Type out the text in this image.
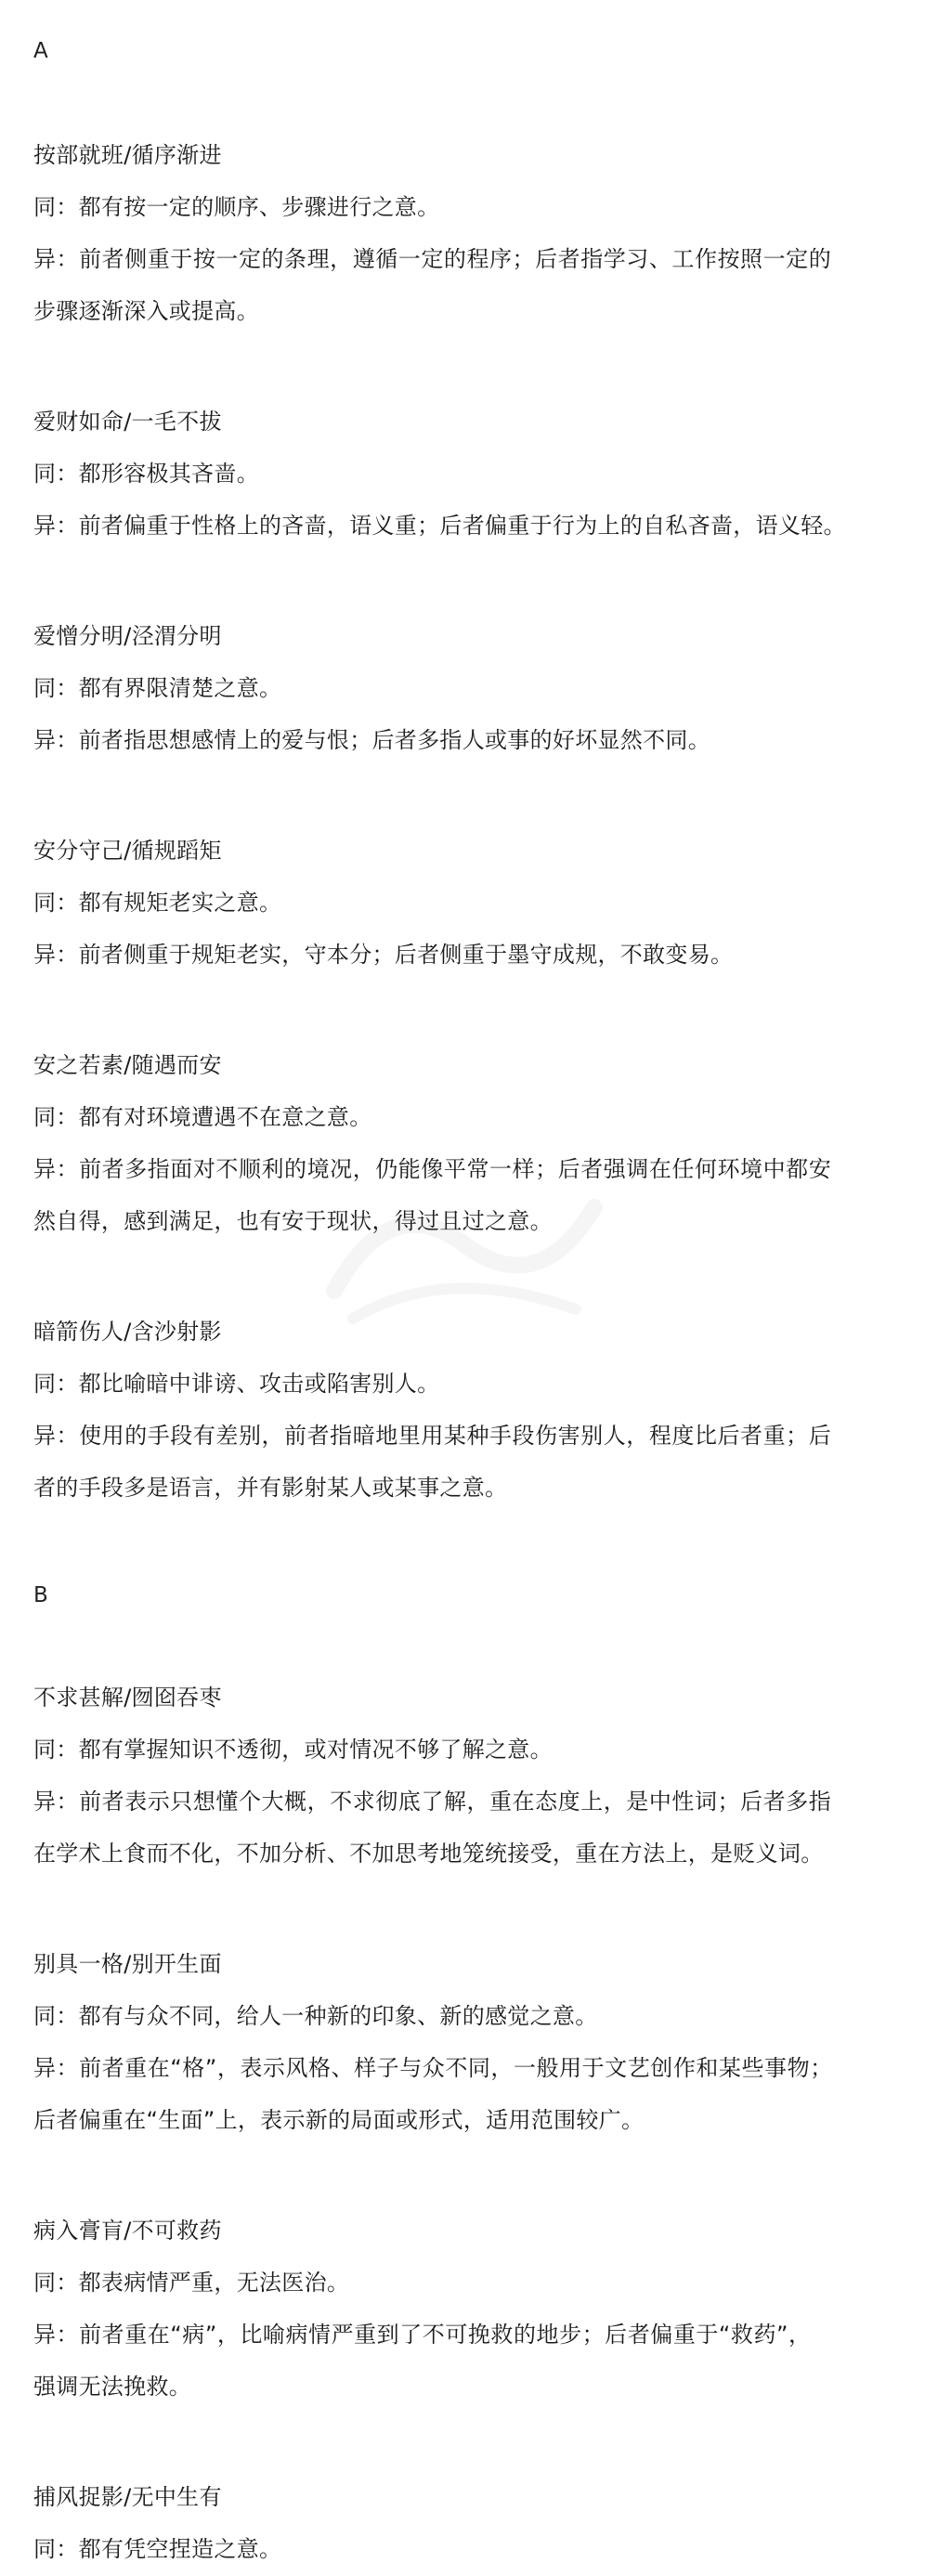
A
按部就班/循序渐进
同：都有按一定的顺序、步骤进行之意。
异：前者侧重于按一定的条理，遵循一定的程序；后者指学习、工作按照一定的
步骤逐渐深入或提高。
爱财如命/一毛不拔
同：都形容极其吝啬。
异：前者偏重于性格上的吝啬，语义重；后者偏重于行为上的自私吝啬，语义轻。
爱憎分明/泾渭分明
同：都有界限清楚之意。
异：前者指思想感情上的爱与恨；后者多指人或事的好坏显然不同。
安分守己/循规蹈矩
同：都有规矩老实之意。
异：前者侧重于规矩老实，守本分；后者侧重于墨守成规，不敢变易。
安之若素/随遇而安
同：都有对环境遭遇不在意之意。
异：前者多指面对不顺利的境况，仍能像平常一样；后者强调在任何环境中都安
然自得，感到满足，也有安于现状，得过且过之意。
暗箭伤人/含沙射影
同：都比喻暗中诽谤、攻击或陷害别人。
异：使用的手段有差别，前者指暗地里用某种手段伤害别人，程度比后者重；后
者的手段多是语言，并有影射某人或某事之意。
B
不求甚解/囫囵吞枣
同：都有掌握知识不透彻，或对情况不够了解之意。
异：前者表示只想懂个大概，不求彻底了解，重在态度上，是中性词；后者多指
在学术上食而不化，不加分析、不加思考地笼统接受，重在方法上，是贬义词。
别具一格/别开生面
同：都有与众不同，给人一种新的印象、新的感觉之意。
异：前者重在“格”，表示风格、样子与众不同，一般用于文艺创作和某些事物；
后者偏重在“生面”上，表示新的局面或形式，适用范围较广。
病入膏肓/不可救药
同：都表病情严重，无法医治。
异：前者重在“病”，比喻病情严重到了不可挽救的地步；后者偏重于“救药”，
强调无法挽救。
捕风捉影/无中生有
同：都有凭空捏造之意。
